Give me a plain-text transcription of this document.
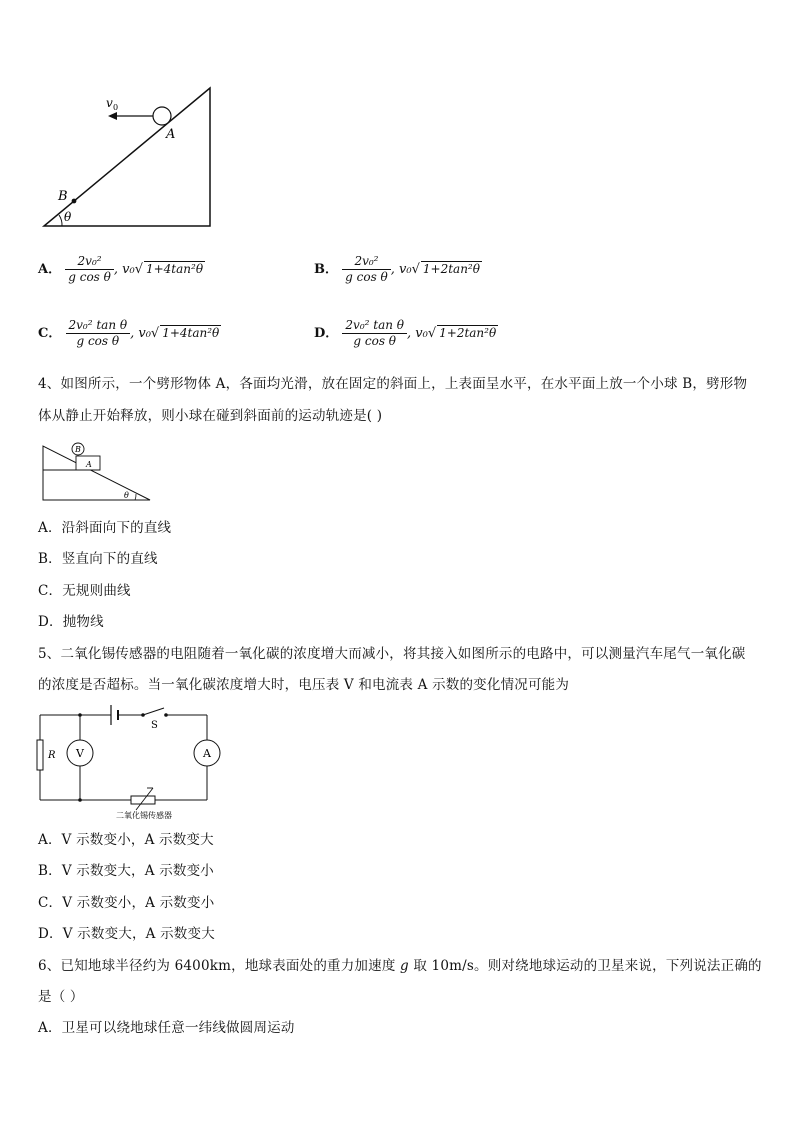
v 0
A
B
θ
A． $\frac{\text{2v₀²}}{\text{g cos θ}}$ , v₀√ 1+4tan²θ	B． $\frac{\text{2v₀²}}{\text{g cos θ}}$ , v₀√ 1+2tan²θ
C． $\frac{\text{2v₀² tan θ}}{\text{g cos θ}}$ , v₀√ 1+4tan²θ	D． $\frac{\text{2v₀² tan θ}}{\text{g cos θ}}$ , v₀√ 1+2tan²θ
4、如图所示，一个劈形物体 A，各面均光滑，放在固定的斜面上，上表面呈水平，在水平面上放一个小球 B，劈形物
体从静止开始释放，则小球在碰到斜面前的运动轨迹是( )
A
B
θ
A．沿斜面向下的直线
B．竖直向下的直线
C．无规则曲线
D．抛物线
5、二氧化锡传感器的电阻随着一氧化碳的浓度增大而减小，将其接入如图所示的电路中，可以测量汽车尾气一氧化碳
的浓度是否超标。当一氧化碳浓度增大时，电压表 V 和电流表 A 示数的变化情况可能为
S
R V	A
二氧化锡传感器
A．V 示数变小，A 示数变大
B．V 示数变大，A 示数变小
C．V 示数变小，A 示数变小
D．V 示数变大，A 示数变大
6、已知地球半径约为 6400km，地球表面处的重力加速度 g 取 10m/s。则对绕地球运动的卫星来说，下列说法正确的
是（ ）
A．卫星可以绕地球任意一纬线做圆周运动
